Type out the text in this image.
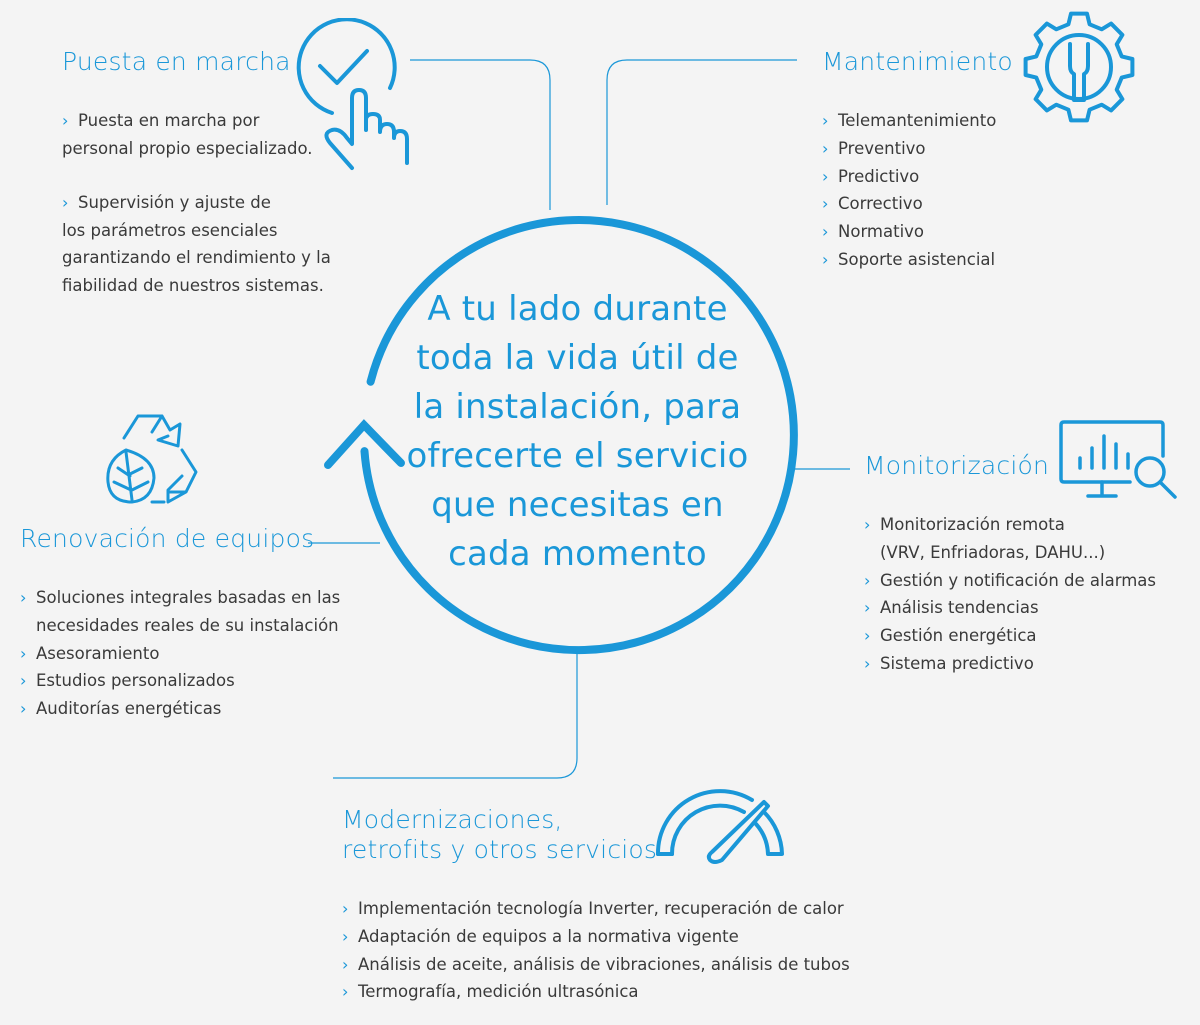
A tu lado durante
toda la vida útil de
la instalación, para
ofrecerte el servicio
que necesitas en
cada momento
Puesta en marcha
› Puesta en marcha por
personal propio especializado.
› Supervisión y ajuste de
los parámetros esenciales
garantizando el rendimiento y la
fiabilidad de nuestros sistemas.
Mantenimiento
› Telemantenimiento
› Preventivo
› Predictivo
› Correctivo
› Normativo
› Soporte asistencial
Monitorización
› Monitorización remota
(VRV, Enfriadoras, DAHU...)
› Gestión y notificación de alarmas
› Análisis tendencias
› Gestión energética
› Sistema predictivo
Renovación de equipos
› Soluciones integrales basadas en las
necesidades reales de su instalación
› Asesoramiento
› Estudios personalizados
› Auditorías energéticas
Modernizaciones,
retrofits y otros servicios
› Implementación tecnología Inverter, recuperación de calor
› Adaptación de equipos a la normativa vigente
› Análisis de aceite, análisis de vibraciones, análisis de tubos
› Termografía, medición ultrasónica
